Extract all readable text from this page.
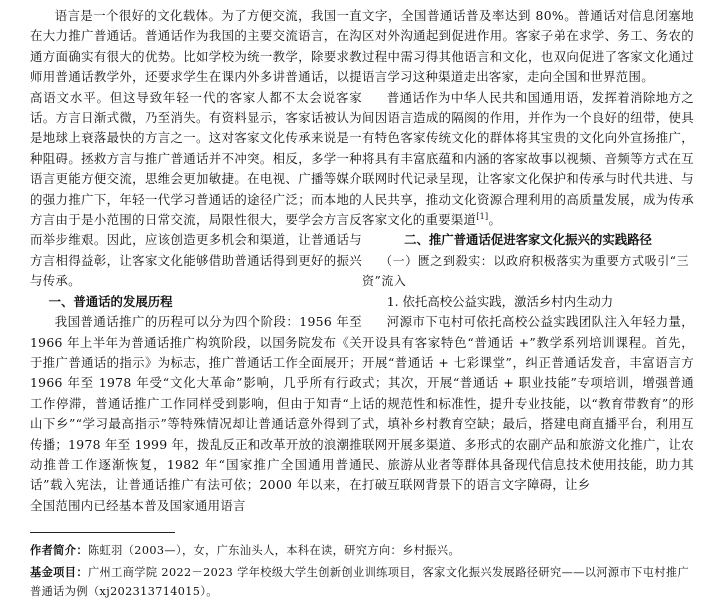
语言是一个很好的文化载体。为了方便交流，我国一直在大力推广普通话。普通话作为我国的主要交流语言，在沟通方面确实有很大的优势。比如学校为统一教学，除要求教师用普通话教学外，还要求学生在课内外多讲普通话，以提高语文水平。但这导致年轻一代的客家人都不太会说客家话。方言日渐式微，乃至消失。有资料显示，客家话被认为是地球上衰落最快的方言之一。这对客家文化传承来说是一种阻碍。拯救方言与推广普通话并不冲突。相反，多学一种语言更能方便交流，思维会更加敏捷。在电视、广播等媒介的强力推广下，年轻一代学习普通话的途径广泛；而本地的方言由于是小范围的日常交流，局限性很大，要学会方言反而举步维艰。因此，应该创造更多机会和渠道，让普通话与方言相得益彰，让客家文化能够借助普通话得到更好的振兴与传承。

一、普通话的发展历程

我国普通话推广的历程可以分为四个阶段：1956 年至 1966 年上半年为普通话推广构筑阶段，以国务院发布《关于推广普通话的指示》为标志，推广普通话工作全面展开；1966 年至 1978 年受“文化大革命”影响，几乎所有行政工作停滞，普通话推广工作同样受到影响，但由于知青“上山下乡”“学习最高指示”等特殊情况却让普通话意外得到了传播；1978 年至 1999 年，拨乱反正和改革开放的浪潮推动推普工作逐渐恢复，1982 年“国家推广全国通用普通话”载入宪法，让普通话推广有法可依；2000 年以来，在全国范围内已经基本普及国家通用语言

文字，全国普通话普及率达到 80%。普通话对信息闭塞地区对外沟通起到促进作用。客家子弟在求学、务工、务农的过程中需习得其他语言和文化，也双向促进了客家文化通过语言学习这种渠道走出客家，走向全国和世界范围。

普通话作为中华人民共和国通用语，发挥着消除地方之间因语言造成的隔阂的作用，并作为一个良好的纽带，使具有特色客家传统文化的群体将其宝贵的文化向外宣扬推广，将具有丰富底蕴和内涵的客家故事以视频、音频等方式在互联网时代记录呈现，让客家文化保护和传承与时代共进、与人民共享，推动文化资源合理利用的高质量发展，成为传承客家文化的重要渠道[1]。

二、推广普通话促进客家文化振兴的实践路径

（一）匮之到殺实：以政府积极落实为重要方式吸引“三资”流入

1. 依托高校公益实践，激活乡村内生动力

河源市下屯村可依托高校公益实践团队注入年轻力量，开设具有客家特色“普通话 +”教学系列培训课程。首先，开展“普通话 + 七彩课堂”，纠正普通话发音，丰富语言方式；其次，开展“普通话 + 职业技能”专项培训，增强普通话的规范性和标准性，提升专业技能，以“教育带教育”的形式，填补乡村教育空缺；最后，搭建电商直播平台，利用互联网开展多渠道、多形式的农副产品和旅游文化推广，让农民、旅游从业者等群体具备现代信息技术使用技能，助力其打破互联网背景下的语言文字障碍，让乡

作者简介：陈虹羽（2003—），女，广东汕头人，本科在读，研究方向：乡村振兴。
基金项目：广州工商学院 2022－2023 学年校级大学生创新创业训练项目，客家文化振兴发展路径研究——以河源市下屯村推广普通话为例（xj202313714015）。
